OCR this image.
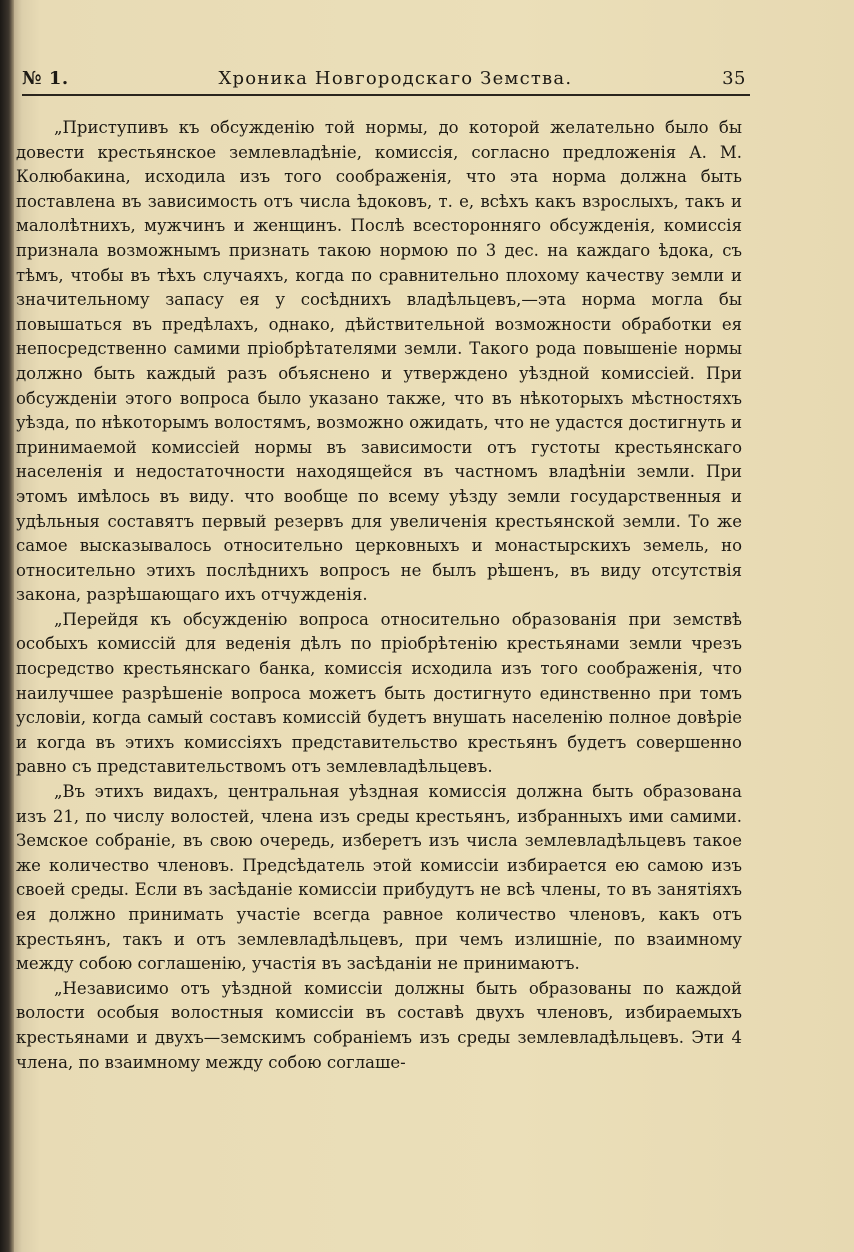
№ 1.	Хроника Новгородскаго Земства.	35

„Приступивъ къ обсужденію той нормы, до которой желательно было бы довести крестьянское землевладѣніе, комиссія, согласно предложенія А. М. Колюбакина, исходила изъ того соображенія, что эта норма должна быть поставлена въ зависимость отъ числа ѣдоковъ, т. е, всѣхъ какъ взрослыхъ, такъ и малолѣтнихъ, мужчинъ и женщинъ. Послѣ всесторонняго обсужденія, комиссія признала возможнымъ признать такою нормою по 3 дес. на каждаго ѣдока, съ тѣмъ, чтобы въ тѣхъ случаяхъ, когда по сравнительно плохому качеству земли и значительному запасу ея у сосѣднихъ владѣльцевъ,—эта норма могла бы повышаться въ предѣлахъ, однако, дѣйствительной возможности обработки ея непосредственно самими пріобрѣтателями земли. Такого рода повышеніе нормы должно быть каждый разъ объяснено и утверждено уѣздной комиссіей. При обсужденіи этого вопроса было указано также, что въ нѣкоторыхъ мѣстностяхъ уѣзда, по нѣкоторымъ волостямъ, возможно ожидать, что не удастся достигнуть и принимаемой комиссіей нормы въ зависимости отъ густоты крестьянскаго населенія и недостаточности находящейся въ частномъ владѣніи земли. При этомъ имѣлось въ виду. что вообще по всему уѣзду земли государственныя и удѣльныя составятъ первый резервъ для увеличенія крестьянской земли. То же самое высказывалось относительно церковныхъ и монастырскихъ земель, но относительно этихъ послѣднихъ вопросъ не былъ рѣшенъ, въ виду отсутствія закона, разрѣшающаго ихъ отчужденія.

„Перейдя къ обсужденію вопроса относительно образованія при земствѣ особыхъ комиссій для веденія дѣлъ по пріобрѣтенію крестьянами земли чрезъ посредство крестьянскаго банка, комиссія исходила изъ того соображенія, что наилучшее разрѣшеніе вопроса можетъ быть достигнуто единственно при томъ условіи, когда самый составъ комиссій будетъ внушать населенію полное довѣріе и когда въ этихъ комиссіяхъ представительство крестьянъ будетъ совершенно равно съ представительствомъ отъ землевладѣльцевъ.

„Въ этихъ видахъ, центральная уѣздная комиссія должна быть образована изъ 21, по числу волостей, члена изъ среды крестьянъ, избранныхъ ими самими. Земское собраніе, въ свою очередь, изберетъ изъ числа землевладѣльцевъ такое же количество членовъ. Предсѣдатель этой комиссіи избирается ею самою изъ своей среды. Если въ засѣданіе комиссіи прибудутъ не всѣ члены, то въ занятіяхъ ея должно принимать участіе всегда равное количество членовъ, какъ отъ крестьянъ, такъ и отъ землевладѣльцевъ, при чемъ излишніе, по взаимному между собою соглашенію, участія въ засѣданіи не принимаютъ.

„Независимо отъ уѣздной комиссіи должны быть образованы по каждой волости особыя волостныя комиссіи въ составѣ двухъ членовъ, избираемыхъ крестьянами и двухъ—земскимъ собраніемъ изъ среды землевладѣльцевъ. Эти 4 члена, по взаимному между собою соглаше-
